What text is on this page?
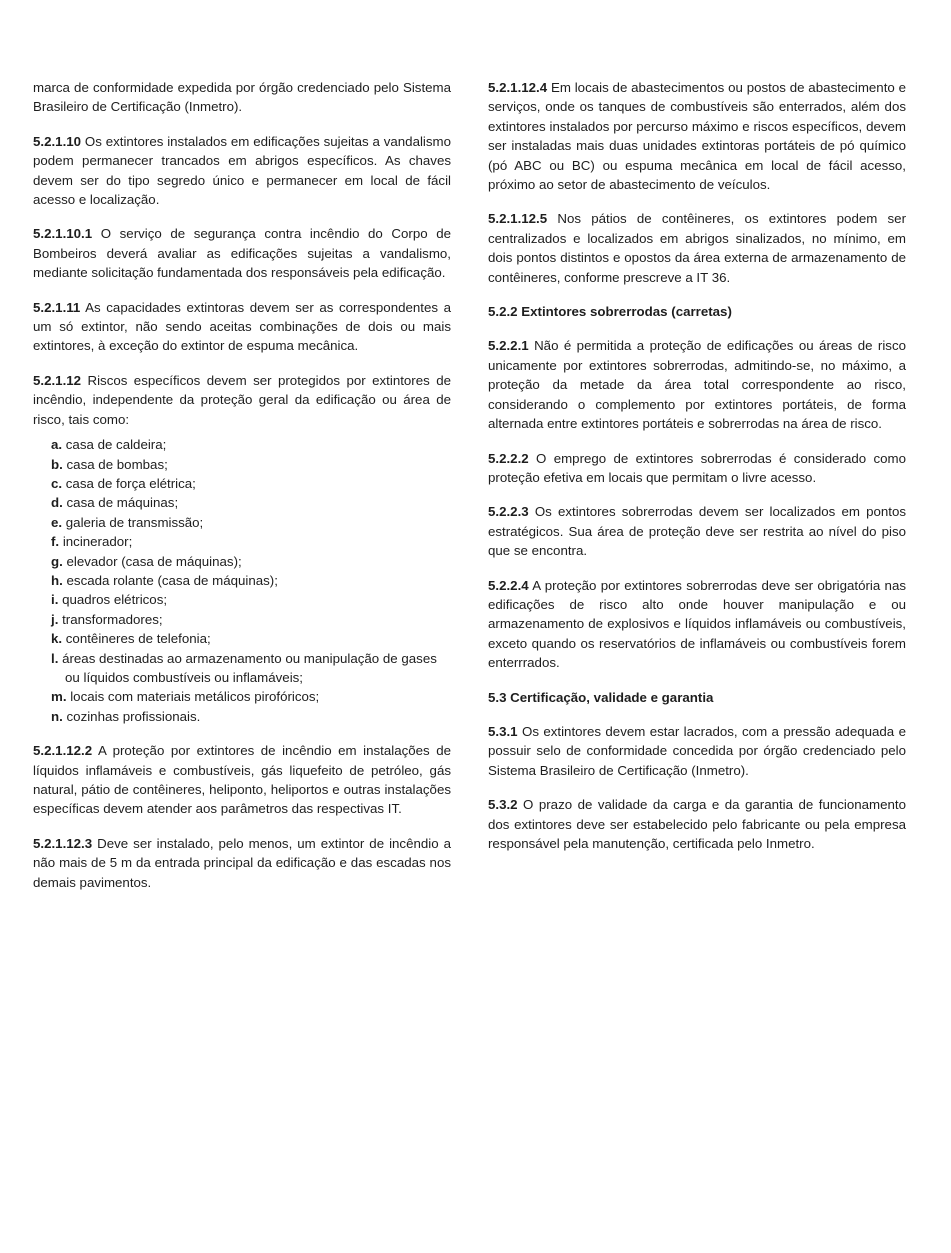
marca de conformidade expedida por órgão credenciado pelo Sistema Brasileiro de Certificação (Inmetro).

5.2.1.10 Os extintores instalados em edificações sujeitas a vandalismo podem permanecer trancados em abrigos específicos. As chaves devem ser do tipo segredo único e permanecer em local de fácil acesso e localização.

5.2.1.10.1 O serviço de segurança contra incêndio do Corpo de Bombeiros deverá avaliar as edificações sujeitas a vandalismo, mediante solicitação fundamentada dos responsáveis pela edificação.

5.2.1.11 As capacidades extintoras devem ser as correspondentes a um só extintor, não sendo aceitas combinações de dois ou mais extintores, à exceção do extintor de espuma mecânica.

5.2.1.12 Riscos específicos devem ser protegidos por extintores de incêndio, independente da proteção geral da edificação ou área de risco, tais como:

a. casa de caldeira;
b. casa de bombas;
c. casa de força elétrica;
d. casa de máquinas;
e. galeria de transmissão;
f. incinerador;
g. elevador (casa de máquinas);
h. escada rolante (casa de máquinas);
i. quadros elétricos;
j. transformadores;
k. contêineres de telefonia;
l. áreas destinadas ao armazenamento ou manipulação de gases ou líquidos combustíveis ou inflamáveis;
m. locais com materiais metálicos pirofóricos;
n. cozinhas profissionais.

5.2.1.12.2 A proteção por extintores de incêndio em instalações de líquidos inflamáveis e combustíveis, gás liquefeito de petróleo, gás natural, pátio de contêineres, heliponto, heliportos e outras instalações específicas devem atender aos parâmetros das respectivas IT.

5.2.1.12.3 Deve ser instalado, pelo menos, um extintor de incêndio a não mais de 5 m da entrada principal da edificação e das escadas nos demais pavimentos.

5.2.1.12.4 Em locais de abastecimentos ou postos de abastecimento e serviços, onde os tanques de combustíveis são enterrados, além dos extintores instalados por percurso máximo e riscos específicos, devem ser instaladas mais duas unidades extintoras portáteis de pó químico (pó ABC ou BC) ou espuma mecânica em local de fácil acesso, próximo ao setor de abastecimento de veículos.

5.2.1.12.5 Nos pátios de contêineres, os extintores podem ser centralizados e localizados em abrigos sinalizados, no mínimo, em dois pontos distintos e opostos da área externa de armazenamento de contêineres, conforme prescreve a IT 36.

5.2.2 Extintores sobrerrodas (carretas)

5.2.2.1 Não é permitida a proteção de edificações ou áreas de risco unicamente por extintores sobrerrodas, admitindo-se, no máximo, a proteção da metade da área total correspondente ao risco, considerando o complemento por extintores portáteis, de forma alternada entre extintores portáteis e sobrerrodas na área de risco.

5.2.2.2 O emprego de extintores sobrerrodas é considerado como proteção efetiva em locais que permitam o livre acesso.

5.2.2.3 Os extintores sobrerrodas devem ser localizados em pontos estratégicos. Sua área de proteção deve ser restrita ao nível do piso que se encontra.

5.2.2.4 A proteção por extintores sobrerrodas deve ser obrigatória nas edificações de risco alto onde houver manipulação e ou armazenamento de explosivos e líquidos inflamáveis ou combustíveis, exceto quando os reservatórios de inflamáveis ou combustíveis forem enterrrados.

5.3 Certificação, validade e garantia

5.3.1 Os extintores devem estar lacrados, com a pressão adequada e possuir selo de conformidade concedida por órgão credenciado pelo Sistema Brasileiro de Certificação (Inmetro).

5.3.2 O prazo de validade da carga e da garantia de funcionamento dos extintores deve ser estabelecido pelo fabricante ou pela empresa responsável pela manutenção, certificada pelo Inmetro.
